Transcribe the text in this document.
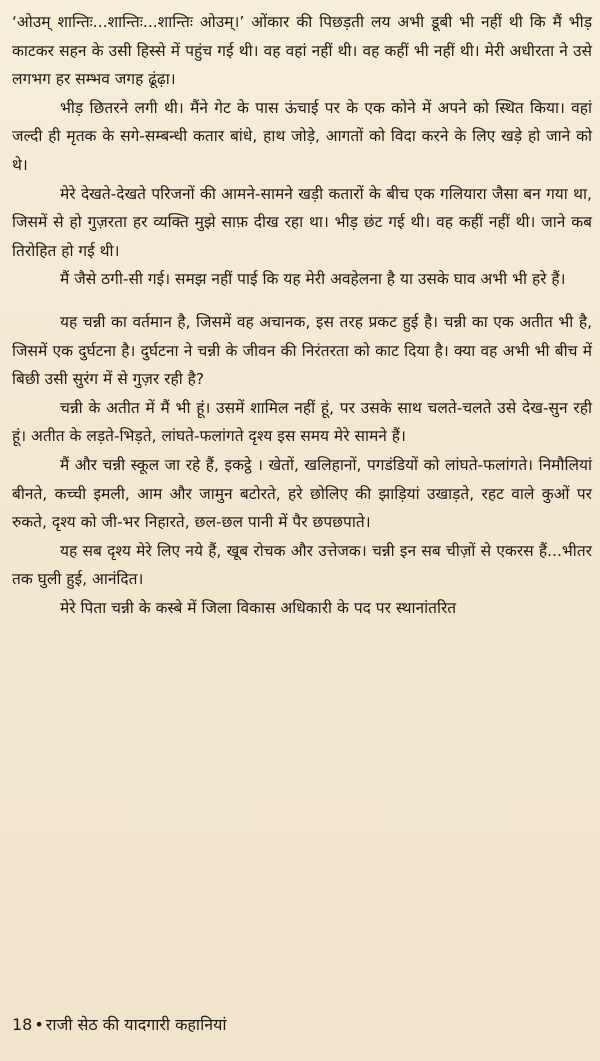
‘ओउम् शान्तिः...शान्तिः...शान्तिः ओउम्।’ ओंकार की पिछड़ती लय अभी डूबी भी नहीं थी कि मैं भीड़ काटकर सहन के उसी हिस्से में पहुंच गई थी। वह वहां नहीं थी। वह कहीं भी नहीं थी। मेरी अधीरता ने उसे लगभग हर सम्भव जगह ढूंढ़ा।

भीड़ छितरने लगी थी। मैंने गेट के पास ऊंचाई पर के एक कोने में अपने को स्थित किया। वहां जल्दी ही मृतक के सगे-सम्बन्धी कतार बांधे, हाथ जोड़े, आगतों को विदा करने के लिए खड़े हो जाने को थे।

मेरे देखते-देखते परिजनों की आमने-सामने खड़ी कतारों के बीच एक गलियारा जैसा बन गया था, जिसमें से हो गुज़रता हर व्यक्ति मुझे साफ़ दीख रहा था। भीड़ छंट गई थी। वह कहीं नहीं थी। जाने कब तिरोहित हो गई थी।

मैं जैसे ठगी-सी गई। समझ नहीं पाई कि यह मेरी अवहेलना है या उसके घाव अभी भी हरे हैं।

यह चन्नी का वर्तमान है, जिसमें वह अचानक, इस तरह प्रकट हुई है। चन्नी का एक अतीत भी है, जिसमें एक दुर्घटना है। दुर्घटना ने चन्नी के जीवन की निरंतरता को काट दिया है। क्या वह अभी भी बीच में बिछी उसी सुरंग में से गुज़र रही है?

चन्नी के अतीत में मैं भी हूं। उसमें शामिल नहीं हूं, पर उसके साथ चलते-चलते उसे देख-सुन रही हूं। अतीत के लड़ते-भिड़ते, लांघते-फलांगते दृश्य इस समय मेरे सामने हैं।

मैं और चन्नी स्कूल जा रहे हैं, इकट्ठे । खेतों, खलिहानों, पगडंडियों को लांघते-फलांगते। निमौलियां बीनते, कच्ची इमली, आम और जामुन बटोरते, हरे छोलिए की झाड़ियां उखाड़ते, रहट वाले कुओं पर रुकते, दृश्य को जी-भर निहारते, छल-छल पानी में पैर छपछपाते।

यह सब दृश्य मेरे लिए नये हैं, खूब रोचक और उत्तेजक। चन्नी इन सब चीज़ों से एकरस हैं...भीतर तक घुली हुई, आनंदित।

मेरे पिता चन्नी के कस्बे में जिला विकास अधिकारी के पद पर स्थानांतरित

18 • राजी सेठ की यादगारी कहानियां
